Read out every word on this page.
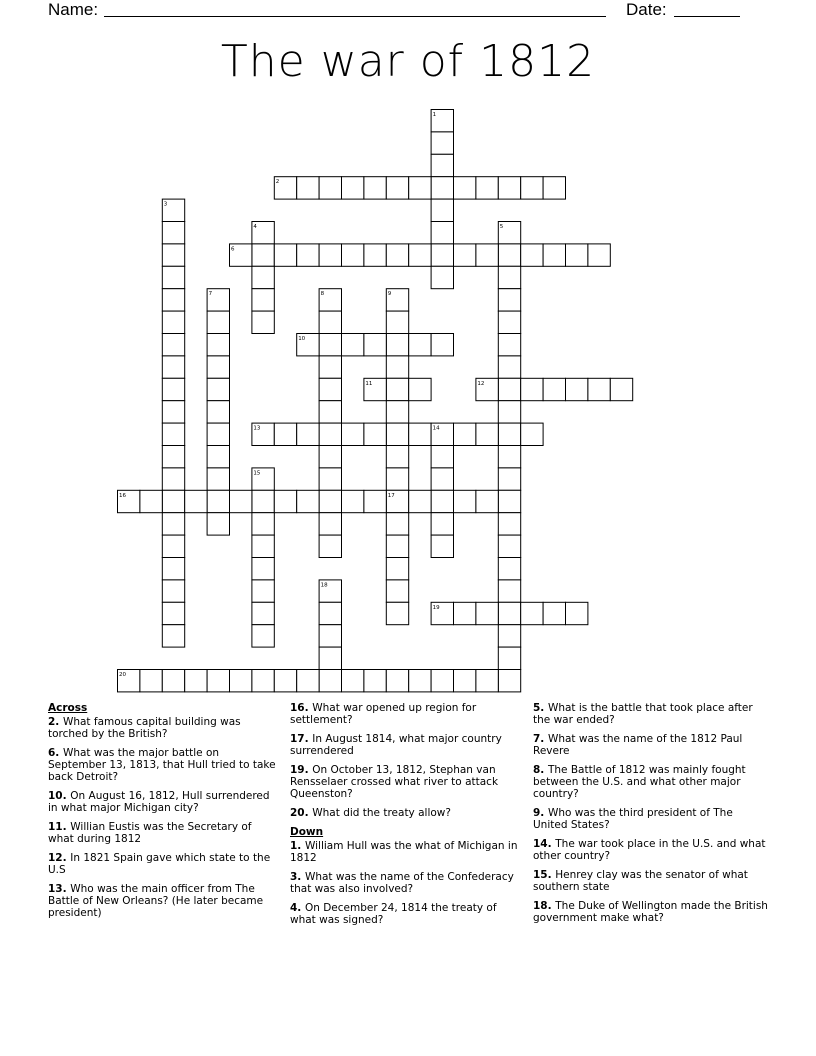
Name:	Date:
The war of 1812
1
2
3
4	5
6
7	8	9
10
11	12
13	14
15
16	17
18
19
20
Across
2. What famous capital building was torched by the British?
6. What was the major battle on September 13, 1813, that Hull tried to take back Detroit?
10. On August 16, 1812, Hull surrendered in what major Michigan city?
11. Willian Eustis was the Secretary of what during 1812
12. In 1821 Spain gave which state to the U.S
13. Who was the main officer from The Battle of New Orleans? (He later became president)
16. What war opened up region for settlement?
17. In August 1814, what major country surrendered
19. On October 13, 1812, Stephan van Rensselaer crossed what river to attack Queenston?
20. What did the treaty allow?
Down
1. William Hull was the what of Michigan in 1812
3. What was the name of the Confederacy that was also involved?
4. On December 24, 1814 the treaty of what was signed?
5. What is the battle that took place after the war ended?
7. What was the name of the 1812 Paul Revere
8. The Battle of 1812 was mainly fought between the U.S. and what other major country?
9. Who was the third president of The United States?
14. The war took place in the U.S. and what other country?
15. Henrey clay was the senator of what southern state
18. The Duke of Wellington made the British government make what?
